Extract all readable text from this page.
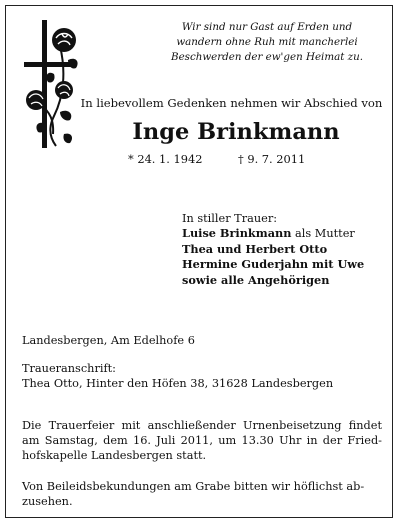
Wir sind nur Gast auf Erden und
wandern ohne Ruh mit mancherlei
Beschwerden der ew'gen Heimat zu.
In liebevollem Gedenken nehmen wir Abschied von
Inge Brinkmann
* 24. 1. 1942	† 9. 7. 2011
In stiller Trauer:
Luise Brinkmann als Mutter
Thea und Herbert Otto
Hermine Guderjahn mit Uwe
sowie alle Angehörigen
Landesbergen, Am Edelhofe 6
Traueranschrift:
Thea Otto, Hinter den Höfen 38, 31628 Landesbergen
Die Trauerfeier mit anschließender Urnenbeisetzung findet
am Samstag, dem 16. Juli 2011, um 13.30 Uhr in der Fried-
hofskapelle Landesbergen statt.
Von Beileidsbekundungen am Grabe bitten wir höflichst ab-
zusehen.
